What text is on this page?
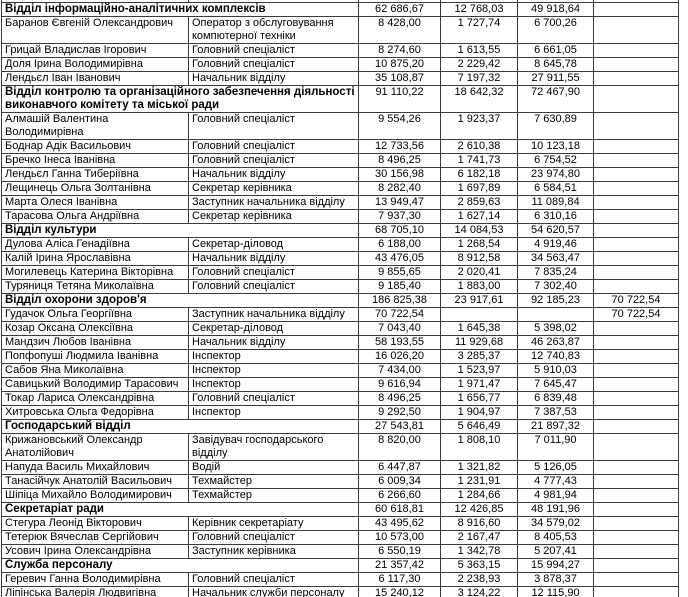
Відділ інформаційно-аналітичних комплексів		62 686,67	12 768,03	49 918,64	
Баранов Євгеній Олександрович	Оператор з обслуговування компютерної техніки	8 428,00	1 727,74	6 700,26	
Грицай Владислав Ігорович	Головний спеціаліст	8 274,60	1 613,55	6 661,05	
Доля Ірина Володимирівна	Головний спеціаліст	10 875,20	2 229,42	8 645,78	
Лендьєл Іван Іванович	Начальник відділу	35 108,87	7 197,32	27 911,55	
Відділ контролю та організаційного забезпечення діяльності виконавчого комітету та міської ради		91 110,22	18 642,32	72 467,90	
Алмашій Валентина Володимирівна	Головний спеціаліст	9 554,26	1 923,37	7 630,89	
Боднар Адік Васильович	Головний спеціаліст	12 733,56	2 610,38	10 123,18	
Бречко Інеса Іванівна	Головний спеціаліст	8 496,25	1 741,73	6 754,52	
Лендьєл Ганна Тиберіївна	Начальник відділу	30 156,98	6 182,18	23 974,80	
Лещинець Ольга Золтанівна	Секретар керівника	8 282,40	1 697,89	6 584,51	
Марта Олеся Іванівна	Заступник начальника відділу	13 949,47	2 859,63	11 089,84	
Тарасова Ольга Андріївна	Секретар керівника	7 937,30	1 627,14	6 310,16	
Відділ культури		68 705,10	14 084,53	54 620,57	
Дулова Аліса Генадіївна	Секретар-діловод	6 188,00	1 268,54	4 919,46	
Калій Ірина Ярославівна	Начальник відділу	43 476,05	8 912,58	34 563,47	
Могилевець Катерина Вікторівна	Головний спеціаліст	9 855,65	2 020,41	7 835,24	
Туряниця Тетяна Миколаївна	Головний спеціаліст	9 185,40	1 883,00	7 302,40	
Відділ охорони здоров'я		186 825,38	23 917,61	92 185,23	70 722,54
Гудачок Ольга Георгіївна	Заступник начальника відділу	70 722,54			70 722,54
Козар Оксана Олексіївна	Секретар-діловод	7 043,40	1 645,38	5 398,02	
Мандзич Любов Іванівна	Начальник відділу	58 193,55	11 929,68	46 263,87	
Попфопуші Людмила Іванівна	Інспектор	16 026,20	3 285,37	12 740,83	
Сабов Яна Миколаївна	Інспектор	7 434,00	1 523,97	5 910,03	
Савицький Володимир Тарасович	Інспектор	9 616,94	1 971,47	7 645,47	
Токар Лариса Олександрівна	Головний спеціаліст	8 496,25	1 656,77	6 839,48	
Хитровська Ольга Федорівна	Інспектор	9 292,50	1 904,97	7 387,53	
Господарський відділ		27 543,81	5 646,49	21 897,32	
Крижановський Олександр Анатолійович	Завідувач господарського відділу	8 820,00	1 808,10	7 011,90	
Напуда Василь Михайлович	Водій	6 447,87	1 321,82	5 126,05	
Танасійчук Анатолій Васильович	Техмайстер	6 009,34	1 231,91	4 777,43	
Шіпіца Михайло Володимирович	Техмайстер	6 266,60	1 284,66	4 981,94	
Секретаріат ради		60 618,81	12 426,85	48 191,96	
Стегура Леонід Вікторович	Керівник секретаріату	43 495,62	8 916,60	34 579,02	
Тетерюк Вячеслав Сергійович	Головний спеціаліст	10 573,00	2 167,47	8 405,53	
Усович Ірина Олександрівна	Заступник керівника	6 550,19	1 342,78	5 207,41	
Служба персоналу		21 357,42	5 363,15	15 994,27	
Геревич Ганна Володимирівна	Головний спеціаліст	6 117,30	2 238,93	3 878,37	
Ліпінська Валерія Людвигівна	Начальник служби персоналу	15 240,12	3 124,22	12 115,90	
